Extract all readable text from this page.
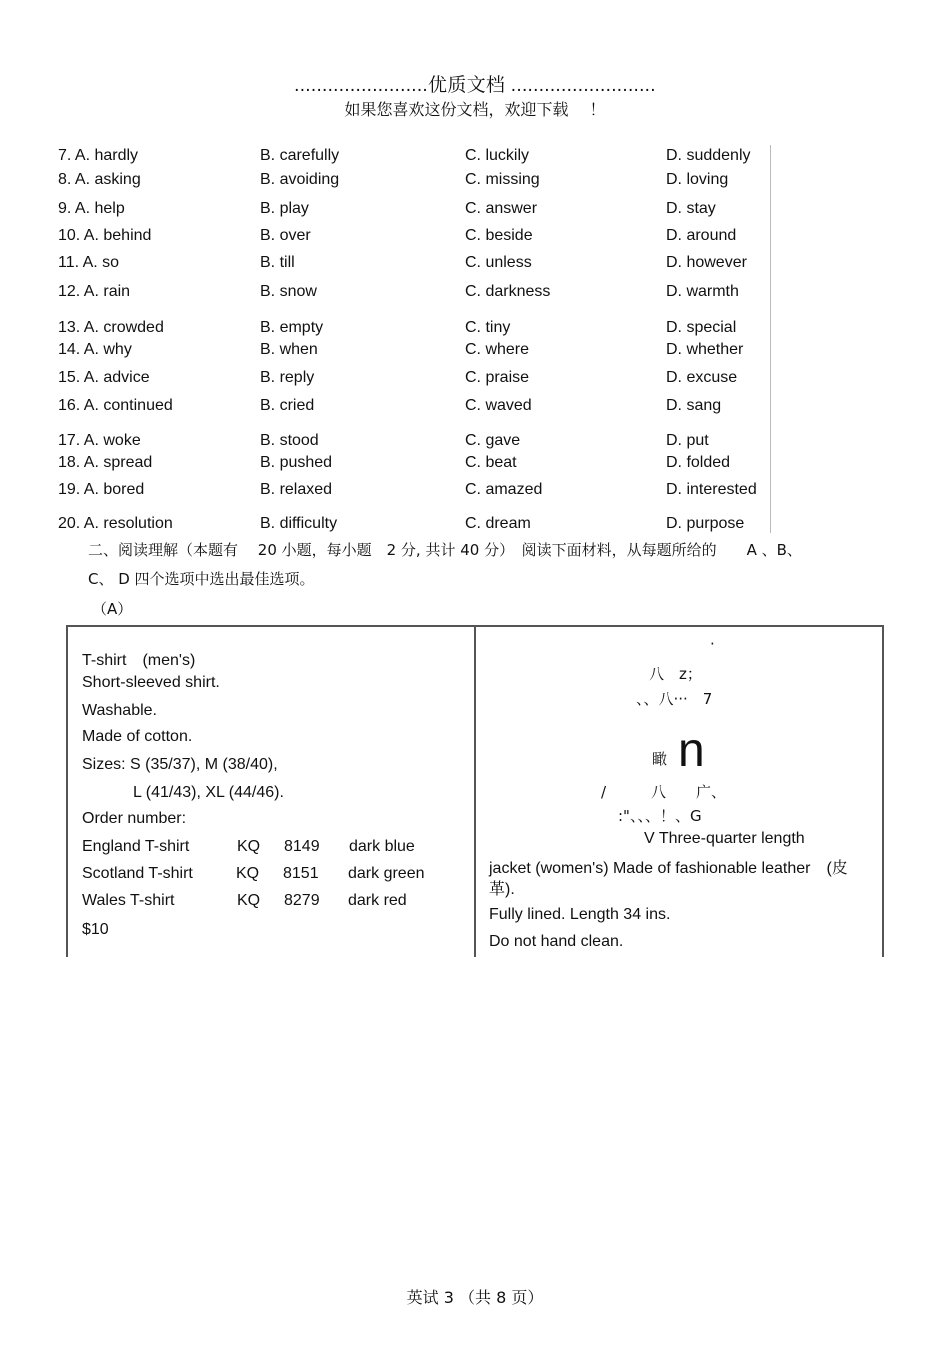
........................优质文档 ..........................
如果您喜欢这份文档，欢迎下载　 ！
7. A. hardly	B. carefully	C. luckily	D. suddenly
8. A. asking	B. avoiding	C. missing	D. loving
9. A. help	B. play	C. answer	D. stay
10. A. behind	B. over	C. beside	D. around
11. A. so	B. till	C. unless	D. however
12. A. rain	B. snow	C. darkness	D. warmth
13. A. crowded	B. empty	C. tiny	D. special
14. A. why	B. when	C. where	D. whether
15. A. advice	B. reply	C. praise	D. excuse
16. A. continued	B. cried	C. waved	D. sang
17. A. woke	B. stood	C. gave	D. put
18. A. spread	B. pushed	C. beat	D. folded
19. A. bored	B. relaxed	C. amazed	D. interested
20. A. resolution	B. difficulty	C. dream	D. purpose
二、阅读理解（本题有　 20 小题，每小题　2 分, 共计 40 分）　阅读下面材料，从每题所给的　　A 、B、
C、 D 四个选项中选出最佳选项。
（A）
T-shirt　(men's)
Short-sleeved shirt.
Washable.
Made of cotton.
Sizes: S (35/37), M (38/40),
L (41/43), XL (44/46).
Order number:
England T-shirt	KQ 8149 dark blue
Scotland T-shirt	KQ 8151 dark green
Wales T-shirt	KQ 8279 dark red
$10
·
八　z；
、、八···　7
瞰 n
/　　　八　　广、
:"、、、！、G
V Three-quarter length
jacket (women's) Made of fashionable leather　(皮
革).
Fully lined. Length 34 ins.
Do not hand clean.
英试 3 （共 8 页）
